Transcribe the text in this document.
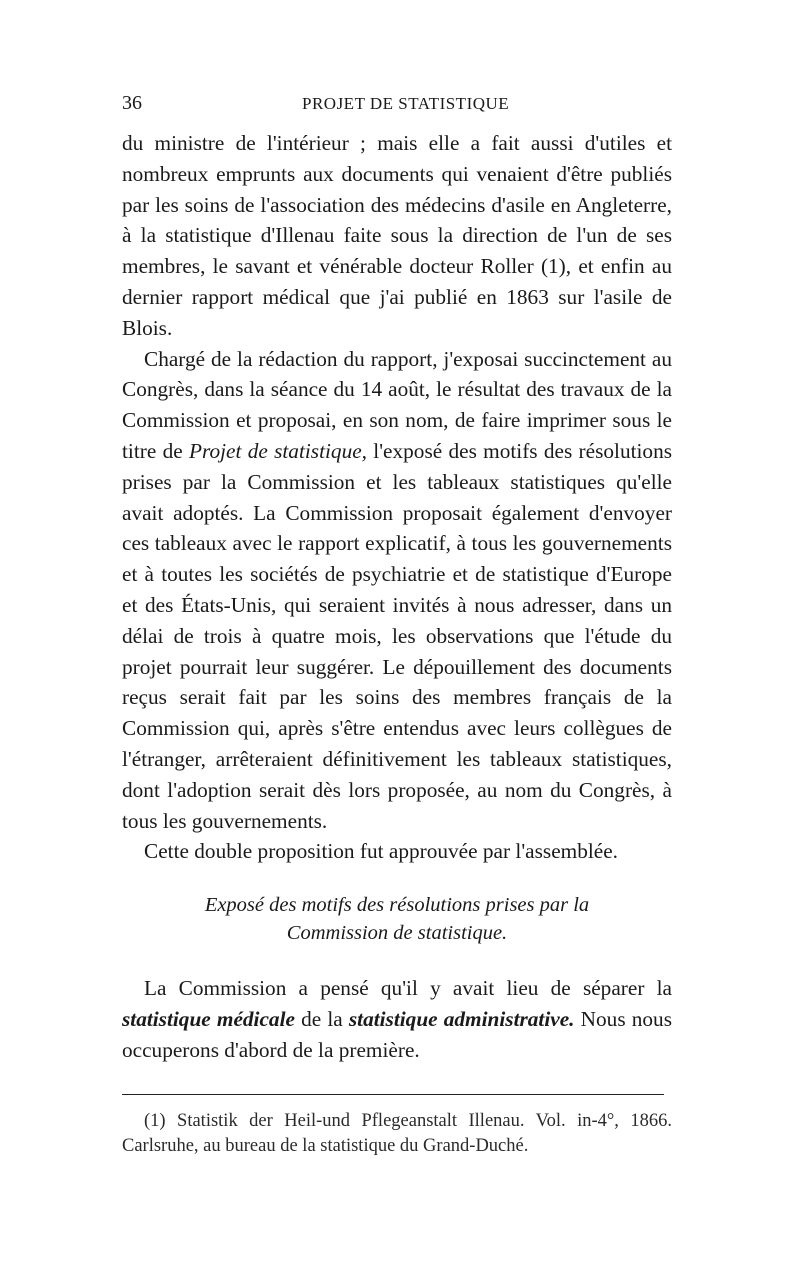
36	PROJET DE STATISTIQUE

du ministre de l'intérieur ; mais elle a fait aussi d'utiles et nombreux emprunts aux documents qui venaient d'être publiés par les soins de l'association des médecins d'asile en Angleterre, à la statistique d'Illenau faite sous la direction de l'un de ses membres, le savant et vénérable docteur Roller (1), et enfin au dernier rapport médical que j'ai publié en 1863 sur l'asile de Blois.

Chargé de la rédaction du rapport, j'exposai succinctement au Congrès, dans la séance du 14 août, le résultat des travaux de la Commission et proposai, en son nom, de faire imprimer sous le titre de Projet de statistique, l'exposé des motifs des résolutions prises par la Commission et les tableaux statistiques qu'elle avait adoptés. La Commission proposait également d'envoyer ces tableaux avec le rapport explicatif, à tous les gouvernements et à toutes les sociétés de psychiatrie et de statistique d'Europe et des États-Unis, qui seraient invités à nous adresser, dans un délai de trois à quatre mois, les observations que l'étude du projet pourrait leur suggérer. Le dépouillement des documents reçus serait fait par les soins des membres français de la Commission qui, après s'être entendus avec leurs collègues de l'étranger, arrêteraient définitivement les tableaux statistiques, dont l'adoption serait dès lors proposée, au nom du Congrès, à tous les gouvernements.

Cette double proposition fut approuvée par l'assemblée.

Exposé des motifs des résolutions prises par la
Commission de statistique.

La Commission a pensé qu'il y avait lieu de séparer la statistique médicale de la statistique administrative. Nous nous occuperons d'abord de la première.

(1) Statistik der Heil-und Pflegeanstalt Illenau. Vol. in-4°, 1866. Carlsruhe, au bureau de la statistique du Grand-Duché.
